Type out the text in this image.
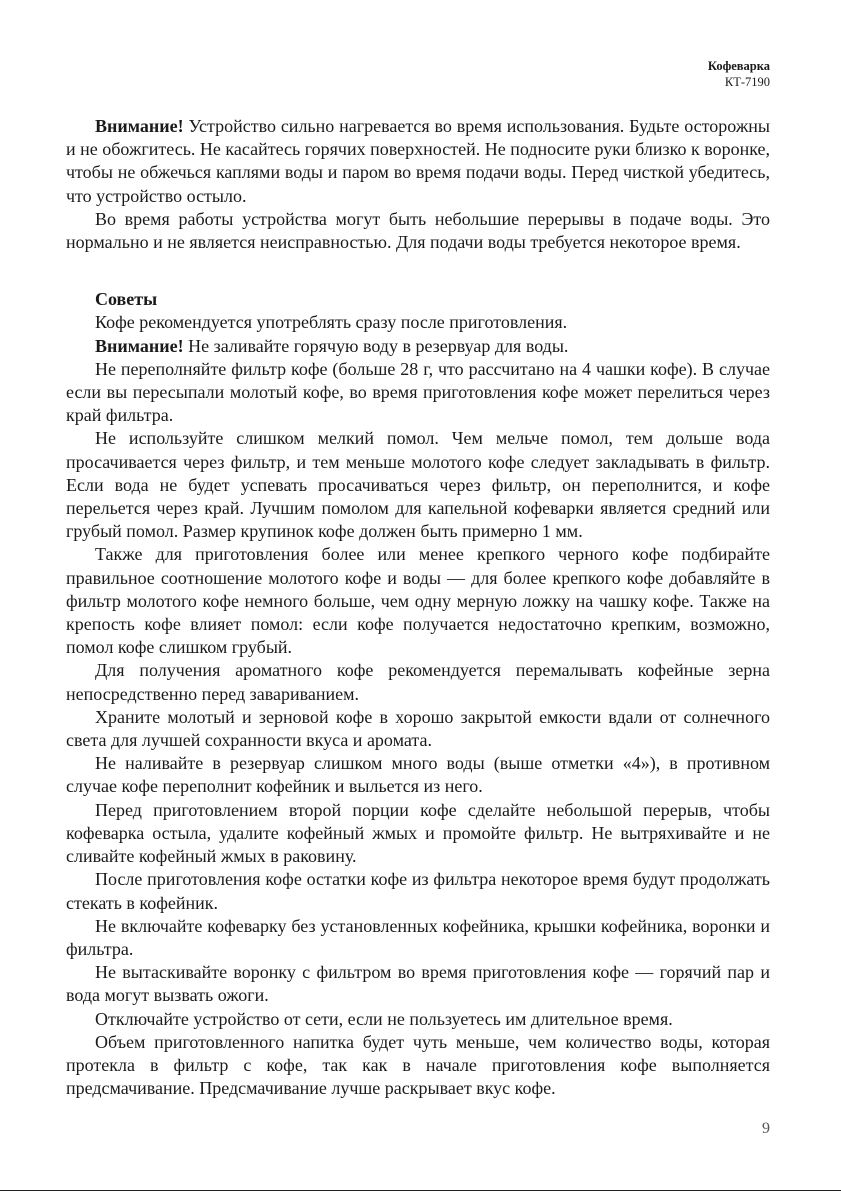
Кофеварка
КТ-7190

Внимание! Устройство сильно нагревается во время использования. Будьте осторожны и не обожгитесь. Не касайтесь горячих поверхностей. Не подносите руки близко к воронке, чтобы не обжечься каплями воды и паром во время подачи воды. Перед чисткой убедитесь, что устройство остыло.

Во время работы устройства могут быть небольшие перерывы в подаче воды. Это нормально и не является неисправностью. Для подачи воды требуется некоторое время.

Советы

Кофе рекомендуется употреблять сразу после приготовления.

Внимание! Не заливайте горячую воду в резервуар для воды.

Не переполняйте фильтр кофе (больше 28 г, что рассчитано на 4 чашки кофе). В случае если вы пересыпали молотый кофе, во время приготовления кофе может перелиться через край фильтра.

Не используйте слишком мелкий помол. Чем мельче помол, тем дольше вода просачивается через фильтр, и тем меньше молотого кофе следует закладывать в фильтр. Если вода не будет успевать просачиваться через фильтр, он переполнится, и кофе перельется через край. Лучшим помолом для капельной кофеварки является средний или грубый помол. Размер крупинок кофе должен быть примерно 1 мм.

Также для приготовления более или менее крепкого черного кофе подбирайте правильное соотношение молотого кофе и воды — для более крепкого кофе добавляйте в фильтр молотого кофе немного больше, чем одну мерную ложку на чашку кофе. Также на крепость кофе влияет помол: если кофе получается недостаточно крепким, возможно, помол кофе слишком грубый.

Для получения ароматного кофе рекомендуется перемалывать кофейные зерна непосредственно перед завариванием.

Храните молотый и зерновой кофе в хорошо закрытой емкости вдали от солнечного света для лучшей сохранности вкуса и аромата.

Не наливайте в резервуар слишком много воды (выше отметки «4»), в противном случае кофе переполнит кофейник и выльется из него.

Перед приготовлением второй порции кофе сделайте небольшой перерыв, чтобы кофеварка остыла, удалите кофейный жмых и промойте фильтр. Не вытряхивайте и не сливайте кофейный жмых в раковину.

После приготовления кофе остатки кофе из фильтра некоторое время будут продолжать стекать в кофейник.

Не включайте кофеварку без установленных кофейника, крышки кофейника, воронки и фильтра.

Не вытаскивайте воронку с фильтром во время приготовления кофе — горячий пар и вода могут вызвать ожоги.

Отключайте устройство от сети, если не пользуетесь им длительное время.

Объем приготовленного напитка будет чуть меньше, чем количество воды, которая протекла в фильтр с кофе, так как в начале приготовления кофе выполняется предсмачивание. Предсмачивание лучше раскрывает вкус кофе.

9
